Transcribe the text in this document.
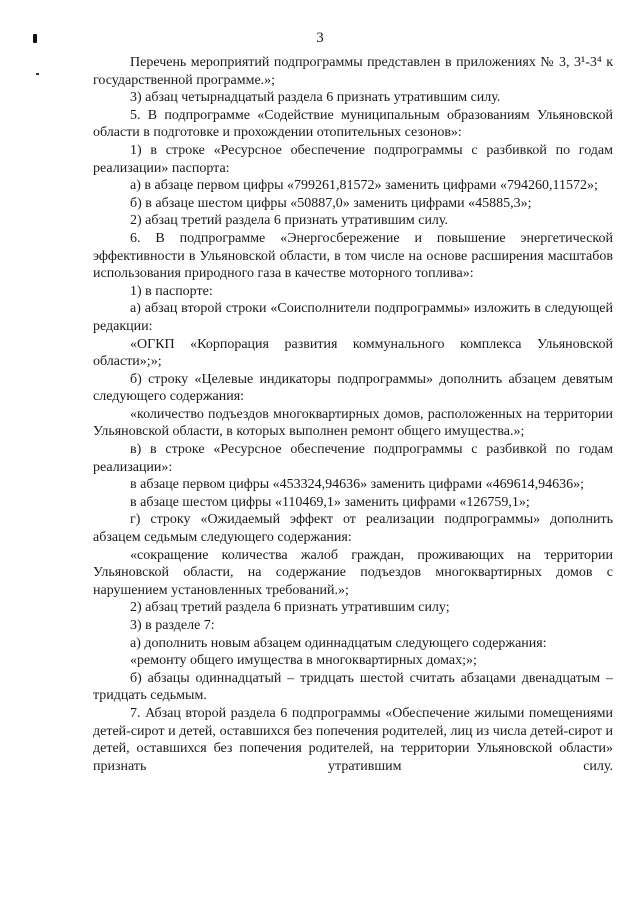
3

Перечень мероприятий подпрограммы представлен в приложениях № 3, 3¹-3⁴ к государственной программе.»;

3) абзац четырнадцатый раздела 6 признать утратившим силу.

5. В подпрограмме «Содействие муниципальным образованиям Ульяновской области в подготовке и прохождении отопительных сезонов»:

1) в строке «Ресурсное обеспечение подпрограммы с разбивкой по годам реализации» паспорта:

а) в абзаце первом цифры «799261,81572» заменить цифрами «794260,11572»;

б) в абзаце шестом цифры «50887,0» заменить цифрами «45885,3»;

2) абзац третий раздела 6 признать утратившим силу.

6. В подпрограмме «Энергосбережение и повышение энергетической эффективности в Ульяновской области, в том числе на основе расширения масштабов использования природного газа в качестве моторного топлива»:

1) в паспорте:

а) абзац второй строки «Соисполнители подпрограммы» изложить в следующей редакции:

«ОГКП «Корпорация развития коммунального комплекса Ульяновской области»;»;

б) строку «Целевые индикаторы подпрограммы» дополнить абзацем девятым следующего содержания:

«количество подъездов многоквартирных домов, расположенных на территории Ульяновской области, в которых выполнен ремонт общего имущества.»;

в) в строке «Ресурсное обеспечение подпрограммы с разбивкой по годам реализации»:

в абзаце первом цифры «453324,94636» заменить цифрами «469614,94636»;

в абзаце шестом цифры «110469,1» заменить цифрами «126759,1»;

г) строку «Ожидаемый эффект от реализации подпрограммы» дополнить абзацем седьмым следующего содержания:

«сокращение количества жалоб граждан, проживающих на территории Ульяновской области, на содержание подъездов многоквартирных домов с нарушением установленных требований.»;

2) абзац третий раздела 6 признать утратившим силу;

3) в разделе 7:

а) дополнить новым абзацем одиннадцатым следующего содержания:

«ремонту общего имущества в многоквартирных домах;»;

б) абзацы одиннадцатый – тридцать шестой считать абзацами двенадцатым – тридцать седьмым.

7. Абзац второй раздела 6 подпрограммы «Обеспечение жилыми помещениями детей-сирот и детей, оставшихся без попечения родителей, лиц из числа детей-сирот и детей, оставшихся без попечения родителей, на территории Ульяновской области» признать утратившим силу.
